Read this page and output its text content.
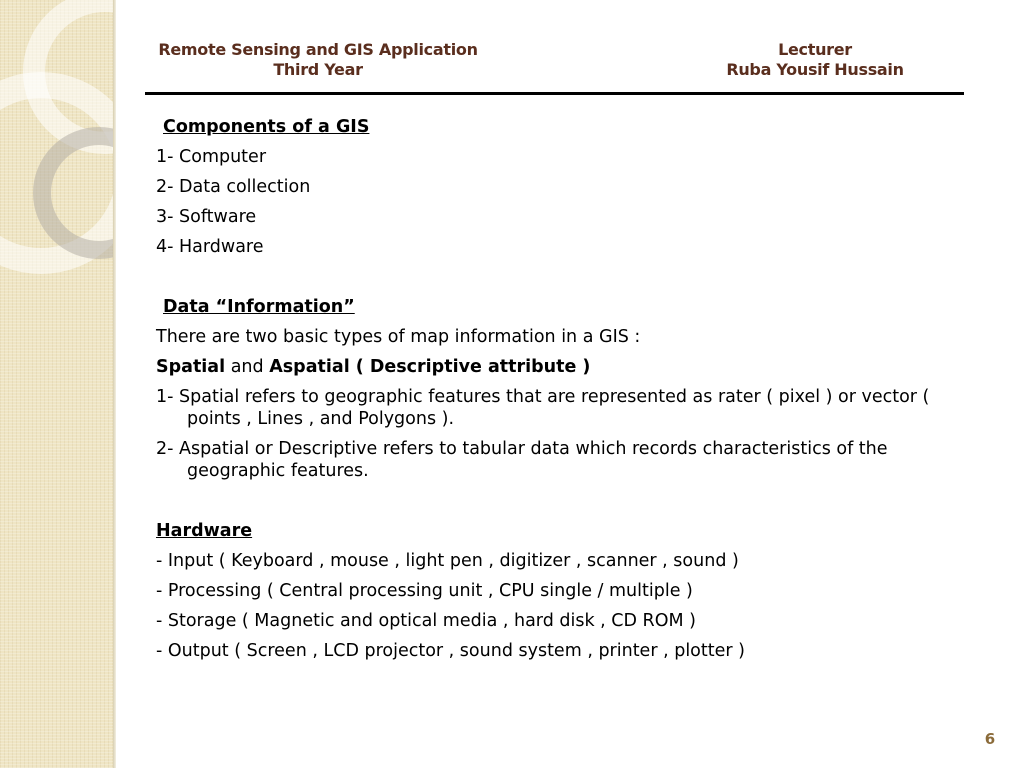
Remote Sensing and GIS Application
Third Year
Lecturer
Ruba Yousif Hussain
Components of a GIS
1- Computer
2- Data collection
3- Software
4- Hardware
Data “Information”
There are two basic types of map information in a GIS :
Spatial and Aspatial ( Descriptive attribute )
1- Spatial refers to geographic features that are represented as rater ( pixel ) or vector (
points , Lines , and Polygons ).
2- Aspatial or Descriptive refers to tabular data which records characteristics of the
geographic features.
Hardware
- Input ( Keyboard , mouse , light pen , digitizer , scanner , sound )
- Processing ( Central processing unit , CPU single / multiple )
- Storage ( Magnetic and optical media , hard disk , CD ROM )
- Output ( Screen , LCD projector , sound system , printer , plotter )
6
